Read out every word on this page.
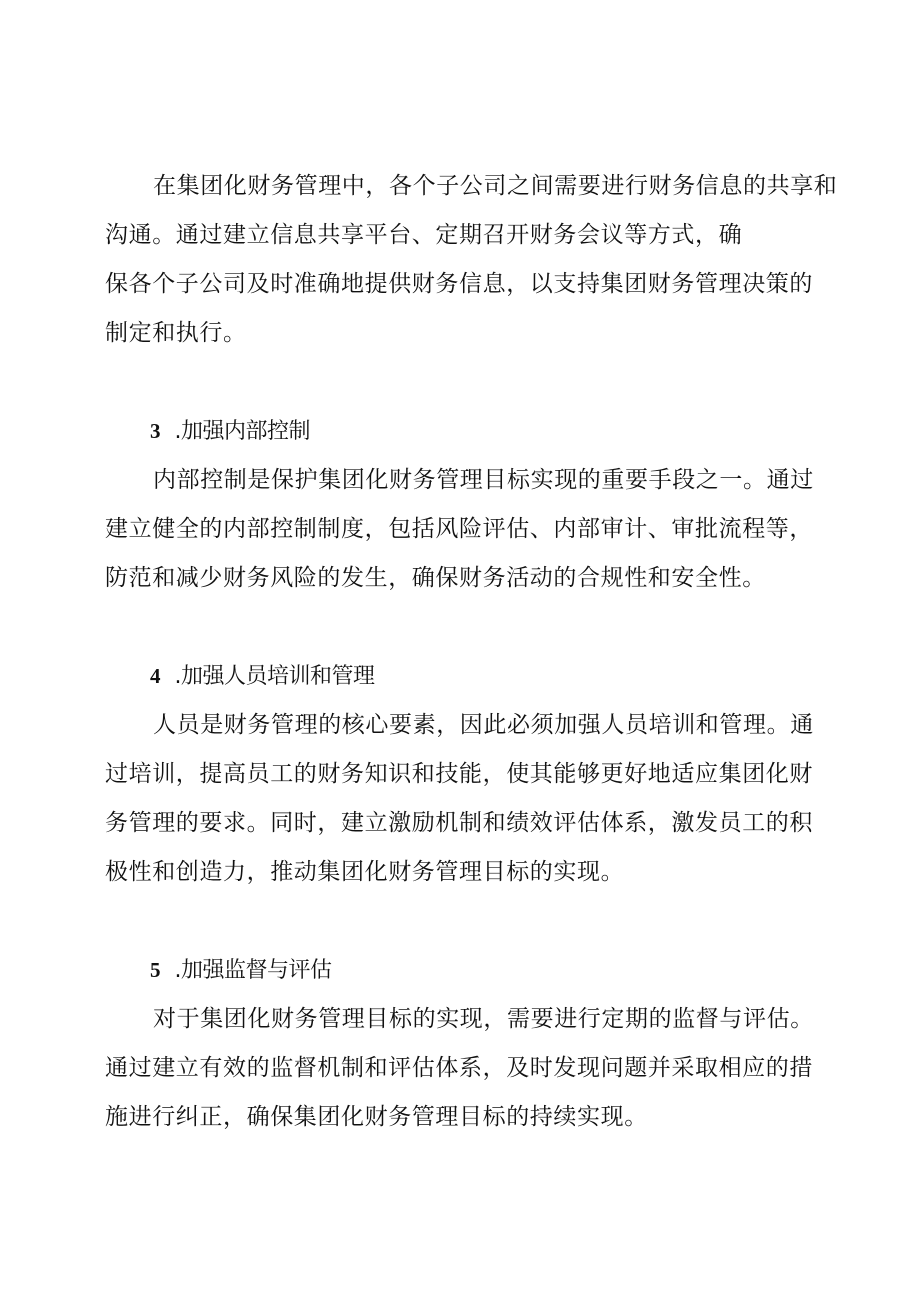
在集团化财务管理中，各个子公司之间需要进行财务信息的共享和
沟通。通过建立信息共享平台、定期召开财务会议等方式，确
保各个子公司及时准确地提供财务信息，以支持集团财务管理决策的
制定和执行。
3 .加强内部控制
内部控制是保护集团化财务管理目标实现的重要手段之一。通过
建立健全的内部控制制度，包括风险评估、内部审计、审批流程等，
防范和减少财务风险的发生，确保财务活动的合规性和安全性。
4 .加强人员培训和管理
人员是财务管理的核心要素，因此必须加强人员培训和管理。通
过培训，提高员工的财务知识和技能，使其能够更好地适应集团化财
务管理的要求。同时，建立激励机制和绩效评估体系，激发员工的积
极性和创造力，推动集团化财务管理目标的实现。
5 .加强监督与评估
对于集团化财务管理目标的实现，需要进行定期的监督与评估。
通过建立有效的监督机制和评估体系，及时发现问题并采取相应的措
施进行纠正，确保集团化财务管理目标的持续实现。
